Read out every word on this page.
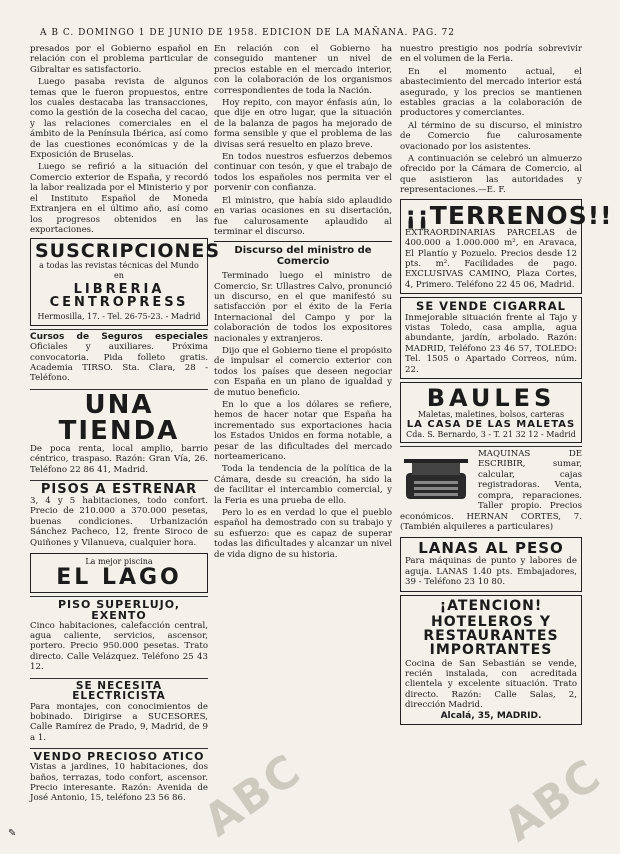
A B C. DOMINGO 1 DE JUNIO DE 1958. EDICION DE LA MAÑANA. PAG. 72
ABC	ABC

presados por el Gobierno español en relación con el problema particular de Gibraltar es satisfactorio.

Luego pasaba revista de algunos temas que le fueron propuestos, entre los cuales destacaba las transacciones, como la gestión de la cosecha del cacao, y las relaciones comerciales en el ámbito de la Península Ibérica, así como de las cuestiones económicas y de la Exposición de Bruselas.

Luego se refirió a la situación del Comercio exterior de España, y recordó la labor realizada por el Ministerio y por el Instituto Español de Moneda Extranjera en el último año, así como los progresos obtenidos en las exportaciones.

SUSCRIPCIONES
a todas las revistas técnicas del Mundo en
LIBRERIA CENTROPRESS
Hermosilla, 17. - Tel. 26-75-23. - Madrid
Cursos de Seguros especiales Oficiales y auxiliares. Próxima convocatoria. Pida folleto gratis. Academia TIRSO. Sta. Clara, 28 - Teléfono.
UNA TIENDA
De poca renta, local amplio, barrio céntrico, traspaso. Razón: Gran Vía, 26. Teléfono 22 86 41, Madrid.
PISOS A ESTRENAR
3, 4 y 5 habitaciones, todo confort. Precio de 210.000 a 370.000 pesetas, buenas condiciones. Urbanización Sánchez Pacheco, 12, frente Siroco de Quiñones y Vilanueva, cualquier hora.
La mejor piscina
EL LAGO
PISO SUPERLUJO, EXENTO
Cinco habitaciones, calefacción central, agua caliente, servicios, ascensor, portero. Precio 950.000 pesetas. Trato directo. Calle Velázquez. Teléfono 25 43 12.
SE NECESITA ELECTRICISTA
Para montajes, con conocimientos de bobinado. Dirigirse a SUCESORES, Calle Ramírez de Prado, 9, Madrid, de 9 a 1.
VENDO PRECIOSO ATICO
Vistas a jardines, 10 habitaciones, dos baños, terrazas, todo confort, ascensor. Precio interesante. Razón: Avenida de José Antonio, 15, teléfono 23 56 86.

En relación con el Gobierno ha conseguido mantener un nivel de precios estable en el mercado interior, con la colaboración de los organismos correspondientes de toda la Nación.

Hoy repito, con mayor énfasis aún, lo que dije en otro lugar, que la situación de la balanza de pagos ha mejorado de forma sensible y que el problema de las divisas será resuelto en plazo breve.

En todos nuestros esfuerzos debemos continuar con tesón, y que el trabajo de todos los españoles nos permita ver el porvenir con confianza.

El ministro, que había sido aplaudido en varias ocasiones en su disertación, fue calurosamente aplaudido al terminar el discurso.

Discurso del ministro de Comercio

Terminado luego el ministro de Comercio, Sr. Ullastres Calvo, pronunció un discurso, en el que manifestó su satisfacción por el éxito de la Feria Internacional del Campo y por la colaboración de todos los expositores nacionales y extranjeros.

Dijo que el Gobierno tiene el propósito de impulsar el comercio exterior con todos los países que deseen negociar con España en un plano de igualdad y de mutuo beneficio.

En lo que a los dólares se refiere, hemos de hacer notar que España ha incrementado sus exportaciones hacia los Estados Unidos en forma notable, a pesar de las dificultades del mercado norteamericano.

Toda la tendencia de la política de la Cámara, desde su creación, ha sido la de facilitar el intercambio comercial, y la Feria es una prueba de ello.

Pero lo es en verdad lo que el pueblo español ha demostrado con su trabajo y su esfuerzo: que es capaz de superar todas las dificultades y alcanzar un nivel de vida digno de su historia.

nuestro prestigio nos podría sobrevivir en el volumen de la Feria.

En el momento actual, el abastecimiento del mercado interior está asegurado, y los precios se mantienen estables gracias a la colaboración de productores y comerciantes.

Al término de su discurso, el ministro de Comercio fue calurosamente ovacionado por los asistentes.

A continuación se celebró un almuerzo ofrecido por la Cámara de Comercio, al que asistieron las autoridades y representaciones.—E. F.

¡¡TERRENOS!!
EXTRAORDINARIAS PARCELAS de 400.000 a 1.000.000 m², en Aravaca, El Plantío y Pozuelo. Precios desde 12 pts. m². Facilidades de pago. EXCLUSIVAS CAMINO, Plaza Cortes, 4, Primero. Teléfono 22 45 06, Madrid.
SE VENDE CIGARRAL
Inmejorable situación frente al Tajo y vistas Toledo, casa amplia, agua abundante, jardín, arbolado. Razón: MADRID, Teléfono 23 46 57, TOLEDO: Tel. 1505 o Apartado Correos, núm. 22.
BAULES
Maletas, maletines, bolsos, carteras
LA CASA DE LAS MALETAS
Cda. S. Bernardo, 3 - T. 21 32 12 - Madrid
MAQUINAS DE ESCRIBIR, sumar, calcular, cajas registradoras. Venta, compra, reparaciones. Taller propio. Precios económicos. HERNAN CORTES, 7. (También alquileres a particulares)
LANAS AL PESO
Para máquinas de punto y labores de aguja. LANAS 1.40 pts. Embajadores, 39 - Teléfono 23 10 80.
¡ATENCION!
HOTELEROS Y RESTAURANTES IMPORTANTES
Cocina de San Sebastián se vende, recién instalada, con acreditada clientela y excelente situación. Trato directo. Razón: Calle Salas, 2, dirección Madrid.
Alcalá, 35, MADRID.
✎
